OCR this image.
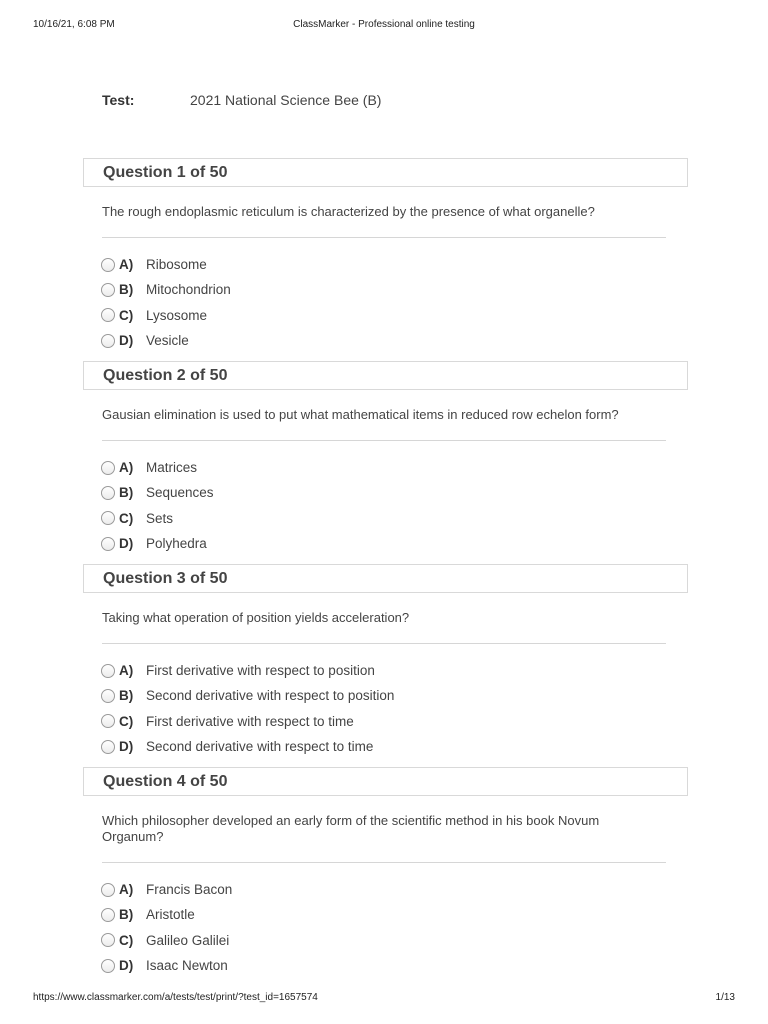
10/16/21, 6:08 PM	ClassMarker - Professional online testing
Test:	2021 National Science Bee (B)
Question 1 of 50
The rough endoplasmic reticulum is characterized by the presence of what organelle?
A) Ribosome
B) Mitochondrion
C) Lysosome
D) Vesicle
Question 2 of 50
Gausian elimination is used to put what mathematical items in reduced row echelon form?
A) Matrices
B) Sequences
C) Sets
D) Polyhedra
Question 3 of 50
Taking what operation of position yields acceleration?
A) First derivative with respect to position
B) Second derivative with respect to position
C) First derivative with respect to time
D) Second derivative with respect to time
Question 4 of 50
Which philosopher developed an early form of the scientific method in his book Novum Organum?
A) Francis Bacon
B) Aristotle
C) Galileo Galilei
D) Isaac Newton
https://www.classmarker.com/a/tests/test/print/?test_id=1657574	1/13
